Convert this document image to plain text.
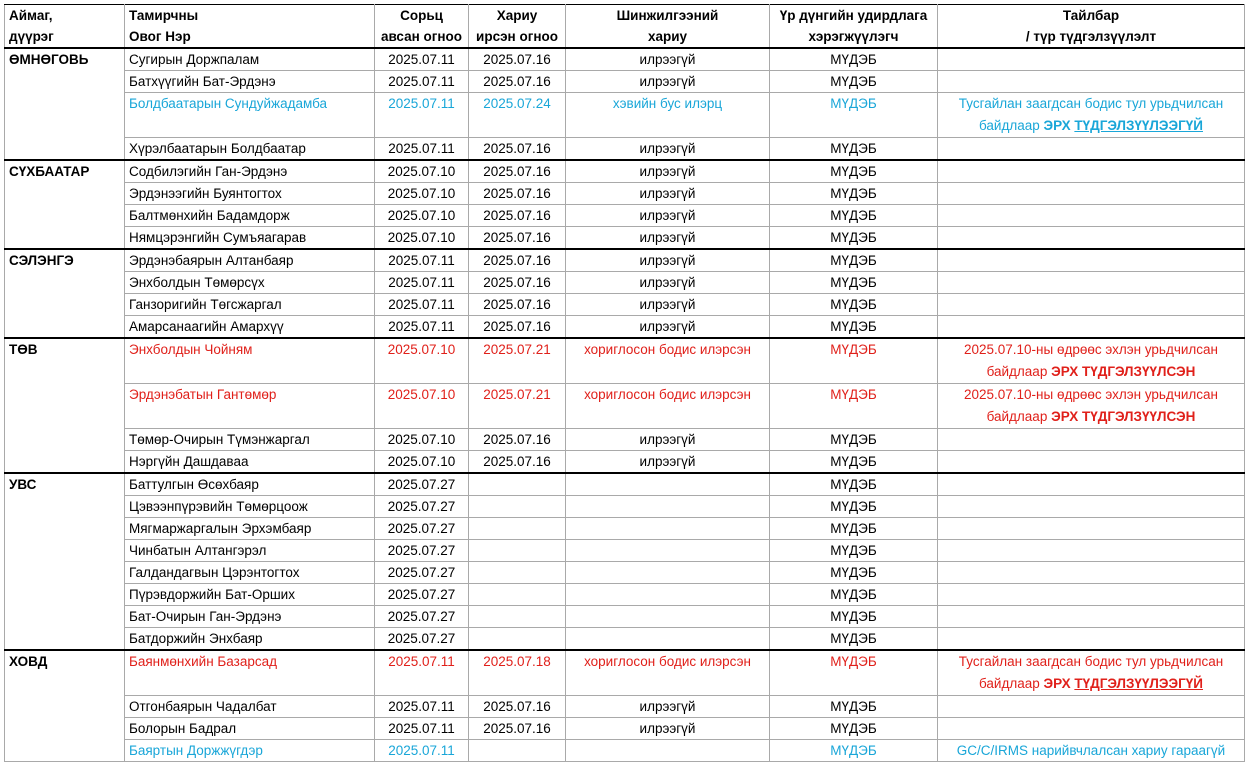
Аймаг,	Тамирчны	Сорьц	Хариу	Шинжилгээний	Үр дүнгийн удирдлага	Тайлбар
дүүрэг	Овог Нэр	авсан огноо	ирсэн огноо	хариу	хэрэгжүүлэгч	/ түр түдгэлзүүлэлт
ӨМНӨГОВЬ	Сугирын Доржпалам	2025.07.11	2025.07.16	илрээгүй	МҮДЭБ	
	Батхүүгийн Бат-Эрдэнэ	2025.07.11	2025.07.16	илрээгүй	МҮДЭБ	
	Болдбаатарын Сундуйжадамба	2025.07.11	2025.07.24	хэвийн бус илэрц	МҮДЭБ	Тусгайлан заагдсан бодис тул урьдчилсан
байдлаар ЭРХ ТҮДГЭЛЗҮҮЛЭЭГҮЙ

	Хүрэлбаатарын Болдбаатар	2025.07.11	2025.07.16	илрээгүй	МҮДЭБ	
СҮХБААТАР	Содбилэгийн Ган-Эрдэнэ	2025.07.10	2025.07.16	илрээгүй	МҮДЭБ	
	Эрдэнээгийн Буянтогтох	2025.07.10	2025.07.16	илрээгүй	МҮДЭБ	
	Балтмөнхийн Бадамдорж	2025.07.10	2025.07.16	илрээгүй	МҮДЭБ	
	Нямцэрэнгийн Сумъяагарав	2025.07.10	2025.07.16	илрээгүй	МҮДЭБ	
СЭЛЭНГЭ	Эрдэнэбаярын Алтанбаяр	2025.07.11	2025.07.16	илрээгүй	МҮДЭБ	
	Энхболдын Төмөрсүх	2025.07.11	2025.07.16	илрээгүй	МҮДЭБ	
	Ганзоригийн Төгсжаргал	2025.07.11	2025.07.16	илрээгүй	МҮДЭБ	
	Амарсанаагийн Амархүү	2025.07.11	2025.07.16	илрээгүй	МҮДЭБ	
ТӨВ	Энхболдын Чойням	2025.07.10	2025.07.21	хориглосон бодис илэрсэн	МҮДЭБ	2025.07.10-ны өдрөөс эхлэн урьдчилсан
байдлаар ЭРХ ТҮДГЭЛЗҮҮЛСЭН

	Эрдэнэбатын Гантөмөр	2025.07.10	2025.07.21	хориглосон бодис илэрсэн	МҮДЭБ	2025.07.10-ны өдрөөс эхлэн урьдчилсан
байдлаар ЭРХ ТҮДГЭЛЗҮҮЛСЭН

	Төмөр-Очирын Түмэнжаргал	2025.07.10	2025.07.16	илрээгүй	МҮДЭБ	
	Нэргүйн Дашдаваа	2025.07.10	2025.07.16	илрээгүй	МҮДЭБ	
УВС	Баттулгын Өсөхбаяр	2025.07.27			МҮДЭБ	
	Цэвээнпүрэвийн Төмөрцоож	2025.07.27			МҮДЭБ	
	Мягмаржаргалын Эрхэмбаяр	2025.07.27			МҮДЭБ	
	Чинбатын Алтангэрэл	2025.07.27			МҮДЭБ	
	Галдандагвын Цэрэнтогтох	2025.07.27			МҮДЭБ	
	Пүрэвдоржийн Бат-Орших	2025.07.27			МҮДЭБ	
	Бат-Очирын Ган-Эрдэнэ	2025.07.27			МҮДЭБ	
	Батдоржийн Энхбаяр	2025.07.27			МҮДЭБ	
ХОВД	Баянмөнхийн Базарсад	2025.07.11	2025.07.18	хориглосон бодис илэрсэн	МҮДЭБ	Тусгайлан заагдсан бодис тул урьдчилсан
байдлаар ЭРХ ТҮДГЭЛЗҮҮЛЭЭГҮЙ

	Отгонбаярын Чадалбат	2025.07.11	2025.07.16	илрээгүй	МҮДЭБ	
	Болорын Бадрал	2025.07.11	2025.07.16	илрээгүй	МҮДЭБ	
	Баяртын Доржжүгдэр	2025.07.11			МҮДЭБ	GC/C/IRMS нарийвчлалсан хариу гараагүй
